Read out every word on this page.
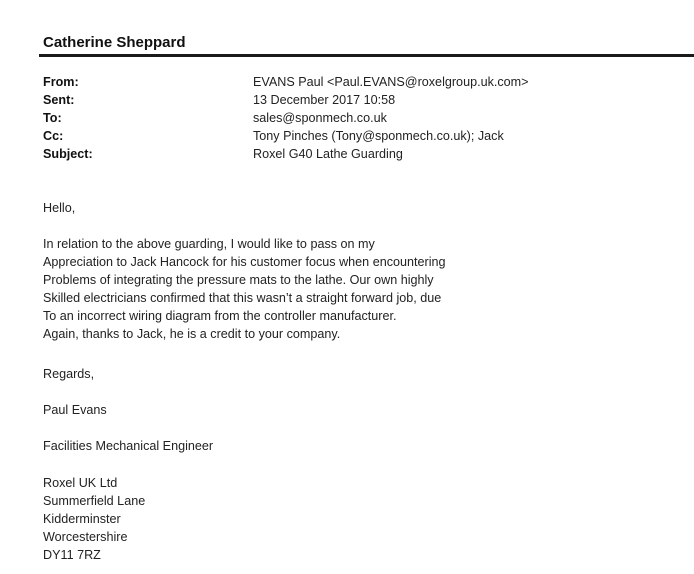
Catherine Sheppard
From:	EVANS Paul <Paul.EVANS@roxelgroup.uk.com>
Sent:	13 December 2017 10:58
To:	sales@sponmech.co.uk
Cc:	Tony Pinches (Tony@sponmech.co.uk); Jack
Subject:	Roxel G40 Lathe Guarding
Hello,

In relation to the above guarding, I would like to pass on my

Appreciation to Jack Hancock for his customer focus when encountering

Problems of integrating the pressure mats to the lathe. Our own highly

Skilled electricians confirmed that this wasn’t a straight forward job, due

To an incorrect wiring diagram from the controller manufacturer.

Again, thanks to Jack, he is a credit to your company.

Regards,
Paul Evans
Facilities Mechanical Engineer

Roxel UK Ltd

Summerfield Lane

Kidderminster

Worcestershire

DY11 7RZ
